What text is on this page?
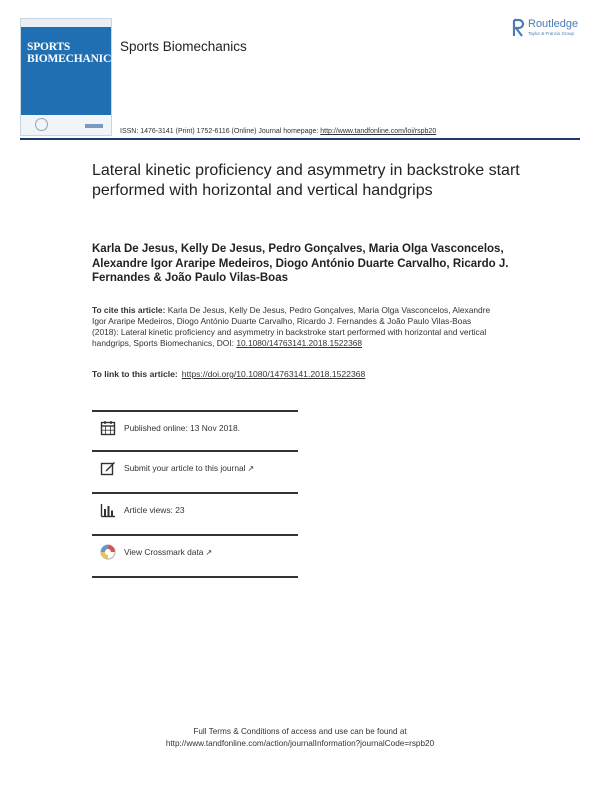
SPORTS
BIOMECHANICS
Sports Biomechanics
Routledge
Taylor & Francis Group
ISSN: 1476-3141 (Print) 1752-6116 (Online) Journal homepage: http://www.tandfonline.com/loi/rspb20
Lateral kinetic proficiency and asymmetry in backstroke start performed with horizontal and vertical handgrips
Karla De Jesus, Kelly De Jesus, Pedro Gonçalves, Maria Olga Vasconcelos, Alexandre Igor Araripe Medeiros, Diogo António Duarte Carvalho, Ricardo J. Fernandes & João Paulo Vilas-Boas
To cite this article: Karla De Jesus, Kelly De Jesus, Pedro Gonçalves, Maria Olga Vasconcelos, Alexandre Igor Araripe Medeiros, Diogo António Duarte Carvalho, Ricardo J. Fernandes & João Paulo Vilas-Boas (2018): Lateral kinetic proficiency and asymmetry in backstroke start performed with horizontal and vertical handgrips, Sports Biomechanics, DOI: 10.1080/14763141.2018.1522368
To link to this article: https://doi.org/10.1080/14763141.2018.1522368
Published online: 13 Nov 2018.
Submit your article to this journal ↗
Article views: 23
View Crossmark data ↗
Full Terms & Conditions of access and use can be found at
http://www.tandfonline.com/action/journalInformation?journalCode=rspb20
